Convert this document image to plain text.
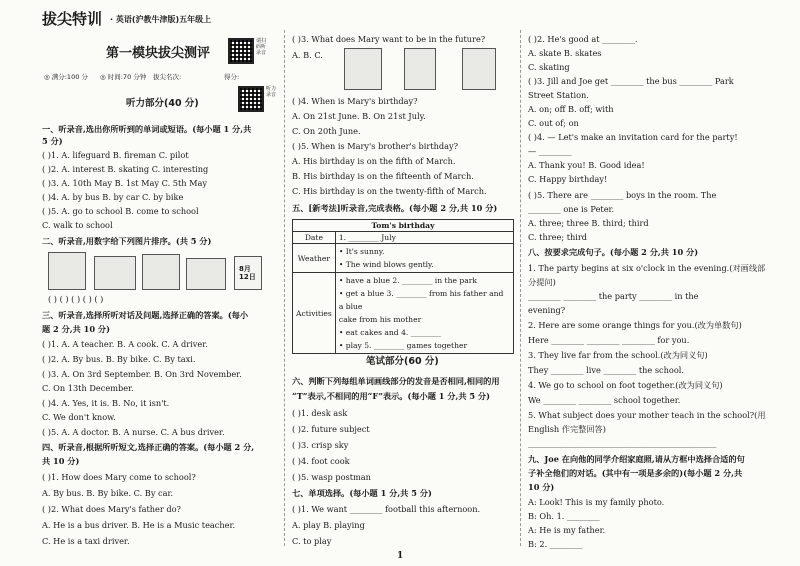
拔尖特训 · 英语(沪教牛津版)五年级上
第一模块拔尖测评
请扫码听录音
听力录音
◎ 满分:100 分 ◎ 时间:70 分钟 拔尖名次:	得分:
听力部分(40 分)
一、听录音,选出你所听到的单词或短语。(每小题 1 分,共
5 分)
( )1. A. lifeguard B. fireman C. pilot
( )2. A. interest B. skating C. interesting
( )3. A. 10th May B. 1st May C. 5th May
( )4. A. by bus B. by car C. by bike
( )5. A. go to school B. come to school
C. walk to school
二、听录音,用数字给下列图片排序。(共 5 分)
8月
12日
( ) ( ) ( ) ( ) ( )
三、听录音,选择所听对话及问题,选择正确的答案。(每小
题 2 分,共 10 分)
( )1. A. A teacher. B. A cook. C. A driver.
( )2. A. By bus. B. By bike. C. By taxi.
( )3. A. On 3rd September. B. On 3rd November.
C. On 13th December.
( )4. A. Yes, it is. B. No, it isn't.
C. We don't know.
( )5. A. A doctor. B. A nurse. C. A bus driver.
四、听录音,根据所听短文,选择正确的答案。(每小题 2 分,
共 10 分)
( )1. How does Mary come to school?
A. By bus. B. By bike. C. By car.
( )2. What does Mary's father do?
A. He is a bus driver. B. He is a Music teacher.
C. He is a taxi driver.
( )3. What does Mary want to be in the future?
A. B. C.
( )4. When is Mary's birthday?
A. On 21st June. B. On 21st July.
C. On 20th June.
( )5. When is Mary's brother's birthday?
A. His birthday is on the fifth of March.
B. His birthday is on the fifteenth of March.
C. His birthday is on the twenty-fifth of March.
五、[新考法]听录音,完成表格。(每小题 2 分,共 10 分)
Tom's birthday	
Date	1. ________ July

Weather	• It's sunny.
• The wind blows gently.

Activities	• have a blue 2. ________ in the park
• get a blue 3. ________ from his father and a blue
cake from his mother
• eat cakes and 4. ________
• play 5. ________ games together
笔试部分(60 分)
六、判断下列每组单词画线部分的发音是否相同,相同的用
“T”表示,不相同的用“F”表示。(每小题 1 分,共 5 分)
( )1. desk ask
( )2. future subject
( )3. crisp sky
( )4. foot cook
( )5. wasp postman
七、单项选择。(每小题 1 分,共 5 分)
( )1. We want ________ football this afternoon.
A. play B. playing
C. to play
( )2. He's good at ________.
A. skate B. skates
C. skating
( )3. Jill and Joe get ________ the bus ________ Park
Street Station.
A. on; off B. off; with
C. out of; on
( )4. — Let's make an invitation card for the party!
— ________
A. Thank you! B. Good idea!
C. Happy birthday!
( )5. There are ________ boys in the room. The
________ one is Peter.
A. three; three B. third; third
C. three; third
八、按要求完成句子。(每小题 2 分,共 10 分)
1. The party begins at six o'clock in the evening.(对画线部
分提问)
________ ________ the party ________ in the
evening?
2. Here are some orange things for you.(改为单数句)
Here ________ ________ ________ for you.
3. They live far from the school.(改为同义句)
They ________ live ________ the school.
4. We go to school on foot together.(改为同义句)
We ________ ________ school together.
5. What subject does your mother teach in the school?(用
English 作完整回答)
______________________________________________
九、Joe 在向他的同学介绍家庭照,请从方框中选择合适的句
子补全他们的对话。(其中有一项是多余的)(每小题 2 分,共
10 分)
A: Look! This is my family photo.
B: Oh. 1. ________
A: He is my father.
B: 2. ________
1
